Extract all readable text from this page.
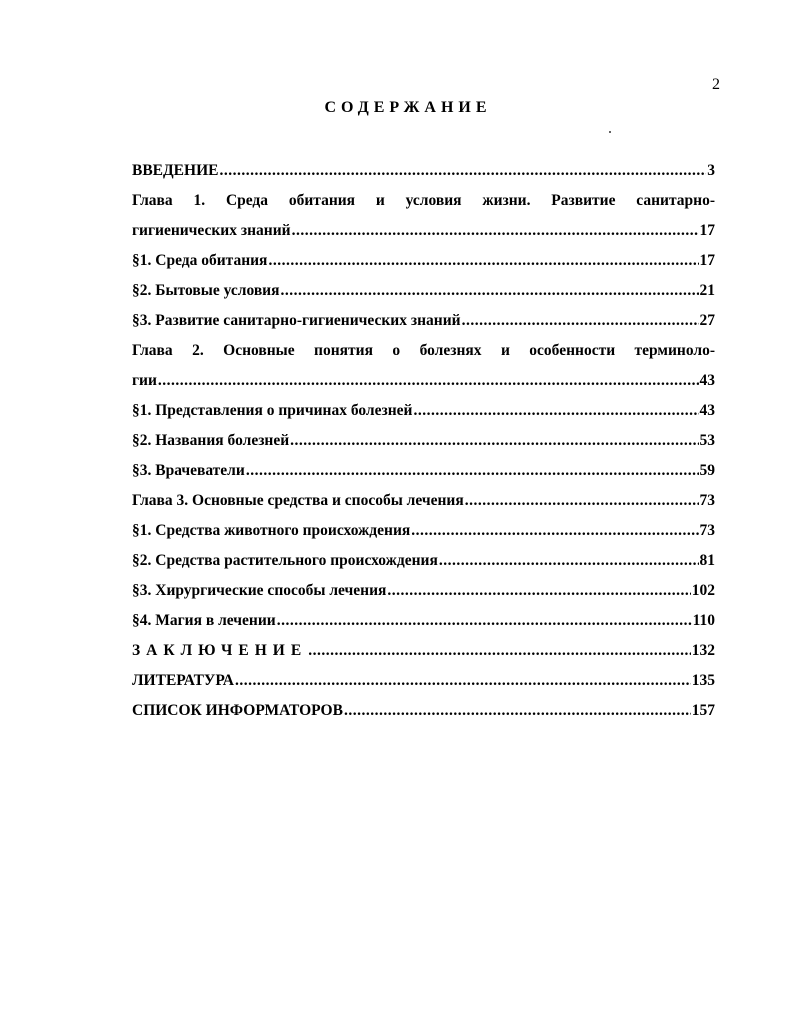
2
СОДЕРЖАНИЕ
ВВЕДЕНИЕ .....	3
Глава 1. Среда обитания и условия жизни. Развитие санитарно-
гигиенических знаний .....	17
§1. Среда обитания .....	17
§2. Бытовые условия .....	21
§3. Развитие санитарно-гигиенических знаний .....	27
Глава 2. Основные понятия о болезнях и особенности терминоло-
гии .....	43
§1. Представления о причинах болезней .....	43
§2. Названия болезней .....	53
§3. Врачеватели .....	59
Глава 3. Основные средства и способы лечения .....	73
§1. Средства животного происхождения .....	73
§2. Средства растительного происхождения .....	81
§3. Хирургические способы лечения .....	102
§4. Магия в лечении .....	110
ЗАКЛЮЧЕНИЕ .....	132
ЛИТЕРАТУРА .....	135
СПИСОК ИНФОРМАТОРОВ .....	157
